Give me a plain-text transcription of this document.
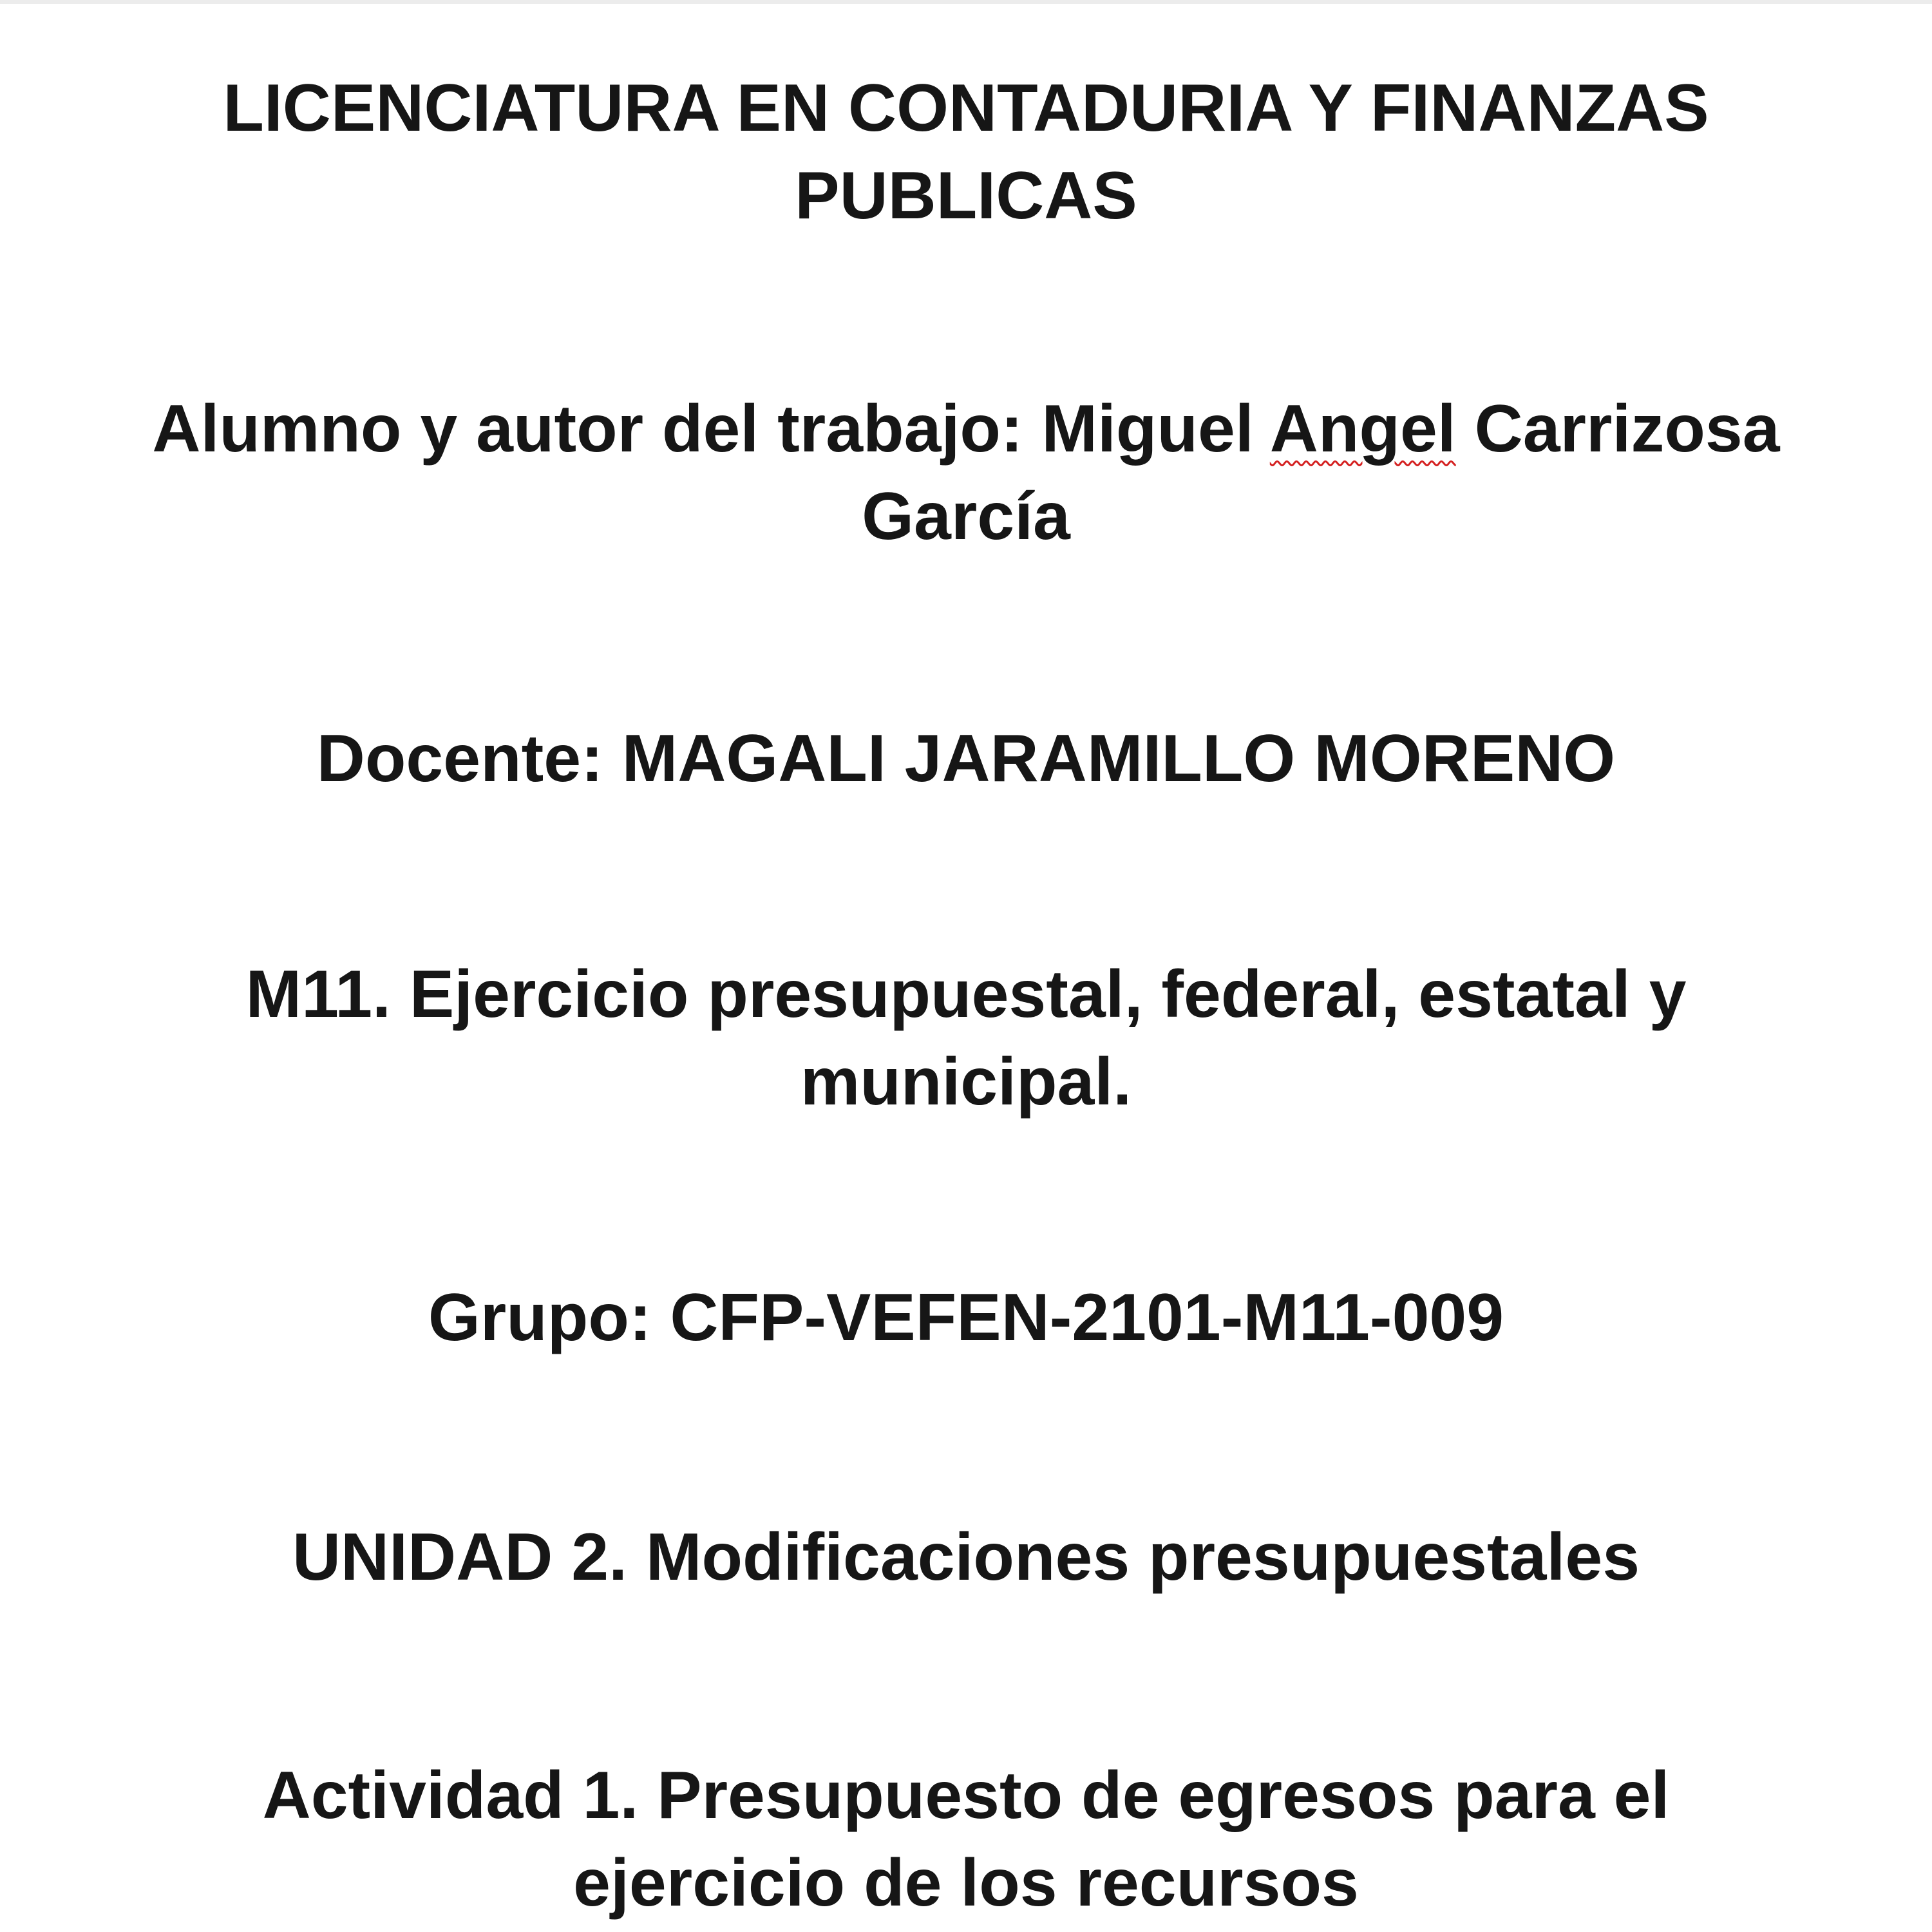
LICENCIATURA EN CONTADURIA Y FINANZAS
PUBLICAS
Alumno y autor del trabajo: Miguel Angel Carrizosa
García
Docente: MAGALI JARAMILLO MORENO
M11. Ejercicio presupuestal, federal, estatal y
municipal.
Grupo: CFP-VEFEN-2101-M11-009
UNIDAD 2. Modificaciones presupuestales
Actividad 1. Presupuesto de egresos para el
ejercicio de los recursos
